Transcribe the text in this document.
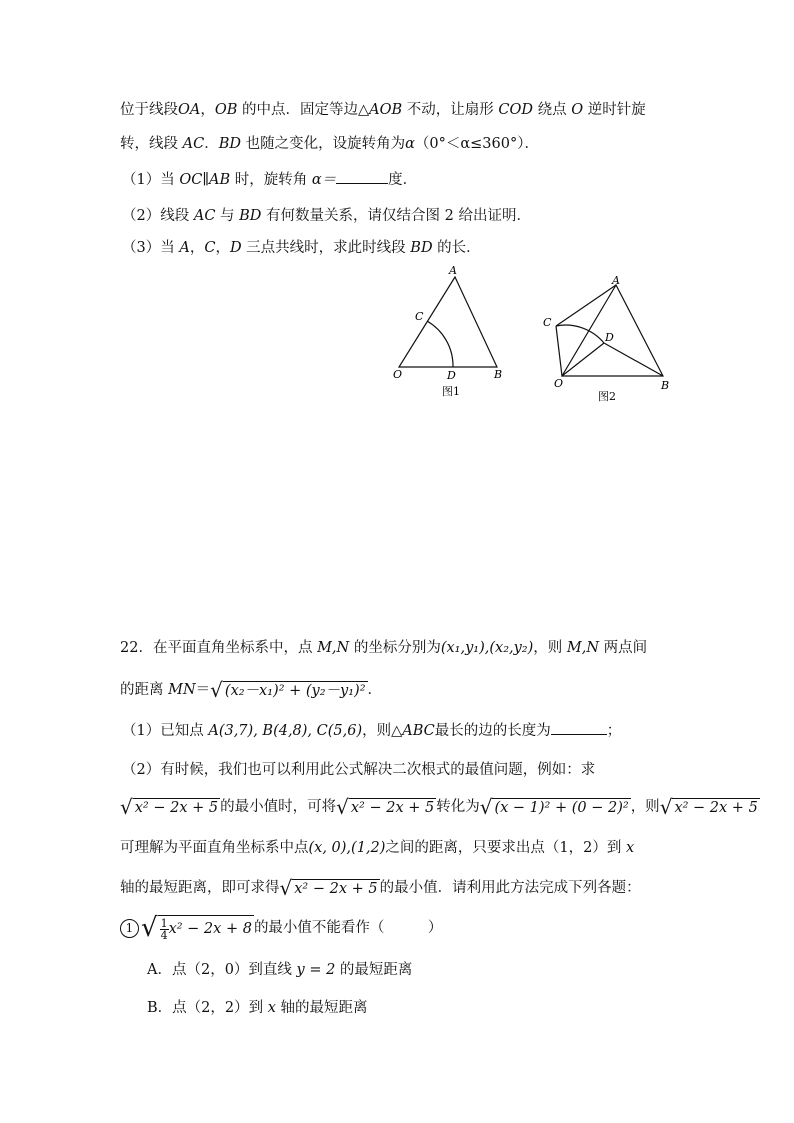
位于线段OA，OB 的中点．固定等边△AOB 不动，让扇形 COD 绕点 O 逆时针旋
转，线段 AC．BD 也随之变化，设旋转角为α（0°＜α≤360°）．
（1）当 OC∥AB 时，旋转角 α＝	度．
（2）线段 AC 与 BD 有何数量关系，请仅结合图 2 给出证明．
（3）当 A，C，D 三点共线时，求此时线段 BD 的长．
A
C
O	D	B
图1
A
C
D
O	B
图2
22．在平面直角坐标系中，点 M,N 的坐标分别为(x₁,y₁),(x₂,y₂)，则 M,N 两点间
的距离 MN＝ √ (x₂－x₁)² + (y₂－y₁)² ．
（1）已知点 A(3,7), B(4,8), C(5,6)，则△ABC最长的边的长度为	；
（2）有时候，我们也可以利用此公式解决二次根式的最值问题，例如：求
√ x² − 2x + 5 的最小值时，可将 √ x² − 2x + 5 转化为 √ (x − 1)² + (0 − 2)² ，则 √ x² − 2x + 5
可理解为平面直角坐标系中点(x, 0),(1,2)之间的距离，只要求出点（1，2）到 x
轴的最短距离，即可求得 √ x² − 2x + 5 的最小值．请利用此方法完成下列各题：
1 √ $\frac{1}{4} x^2 - 2x + 8$ 的最小值不能看作（　　　）
A．点（2，0）到直线 y = 2 的最短距离
B．点（2，2）到 x 轴的最短距离
